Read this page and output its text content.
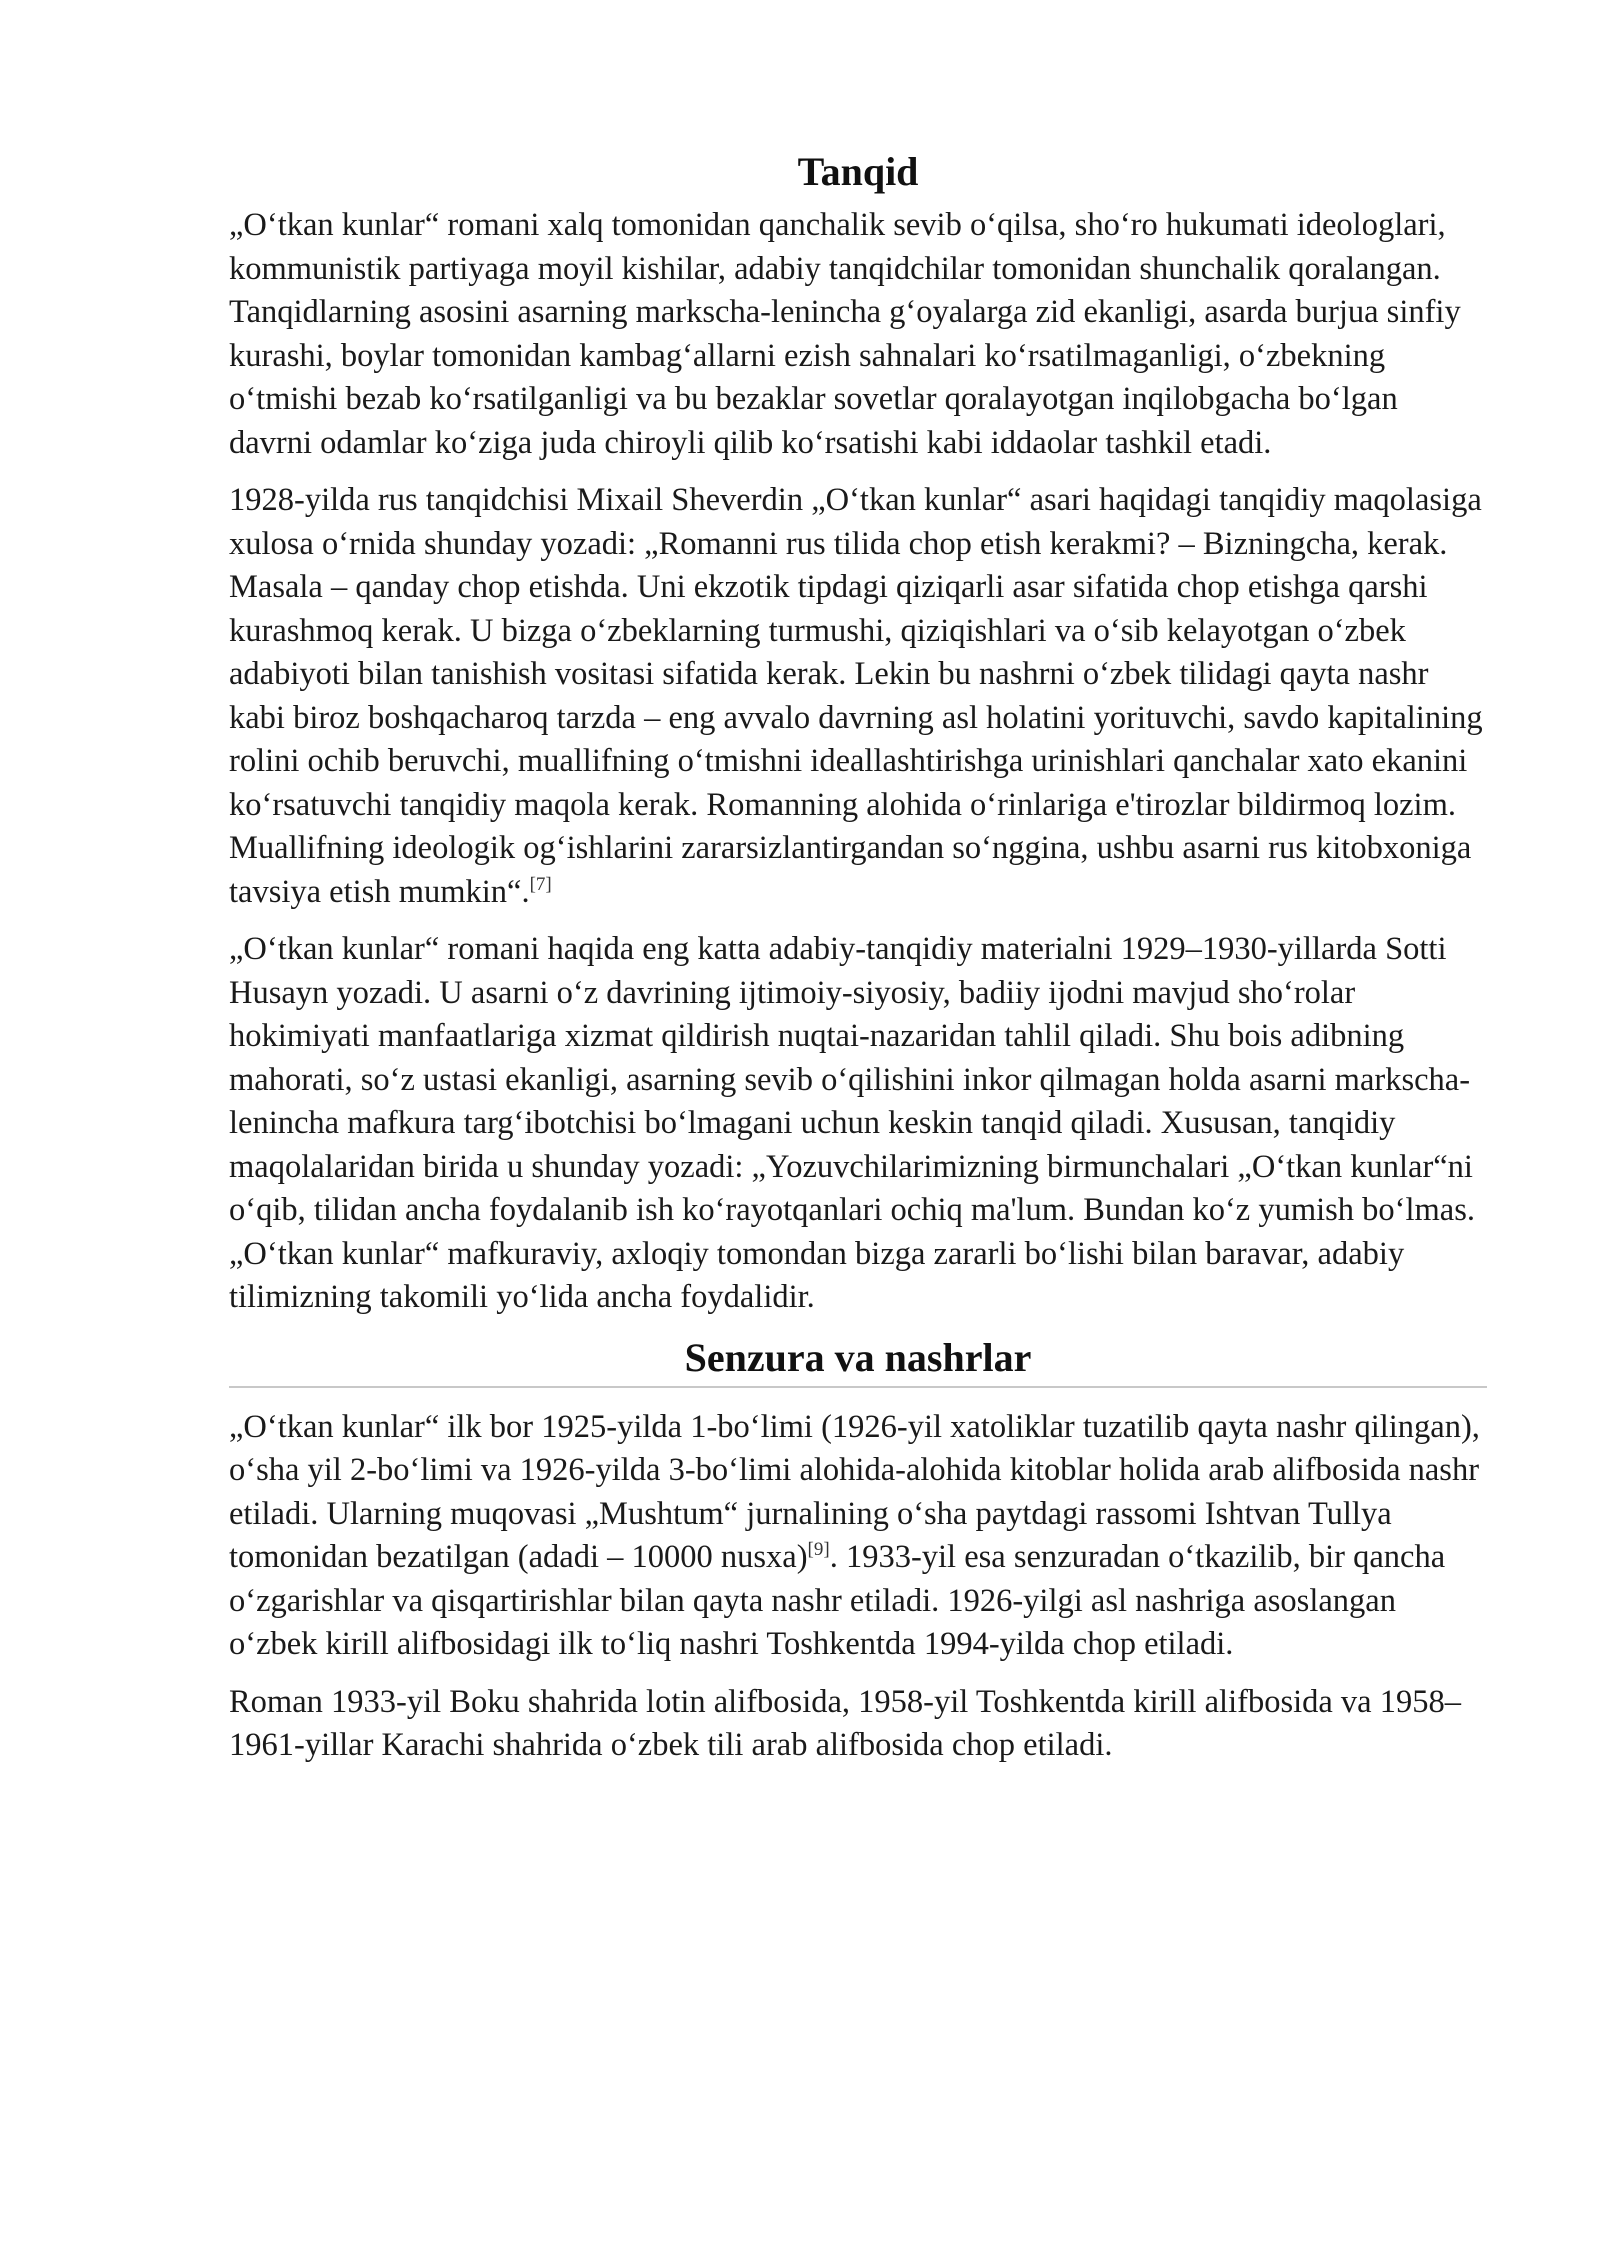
Tanqid

„O‘tkan kunlar“ romani xalq tomonidan qanchalik sevib o‘qilsa, sho‘ro hukumati ideologlari, kommunistik partiyaga moyil kishilar, adabiy tanqidchilar tomonidan shunchalik qoralangan. Tanqidlarning asosini asarning markscha-lenincha g‘oyalarga zid ekanligi, asarda burjua sinfiy kurashi, boylar tomonidan kambag‘allarni ezish sahnalari ko‘rsatilmaganligi, o‘zbekning o‘tmishi bezab ko‘rsatilganligi va bu bezaklar sovetlar qoralayotgan inqilobgacha bo‘lgan davrni odamlar ko‘ziga juda chiroyli qilib ko‘rsatishi kabi iddaolar tashkil etadi.

1928-yilda rus tanqidchisi Mixail Sheverdin „O‘tkan kunlar“ asari haqidagi tanqidiy maqolasiga xulosa o‘rnida shunday yozadi: „Romanni rus tilida chop etish kerakmi? – Bizningcha, kerak. Masala – qanday chop etishda. Uni ekzotik tipdagi qiziqarli asar sifatida chop etishga qarshi kurashmoq kerak. U bizga o‘zbeklarning turmushi, qiziqishlari va o‘sib kelayotgan o‘zbek adabiyoti bilan tanishish vositasi sifatida kerak. Lekin bu nashrni o‘zbek tilidagi qayta nashr kabi biroz boshqacharoq tarzda – eng avvalo davrning asl holatini yorituvchi, savdo kapitalining rolini ochib beruvchi, muallifning o‘tmishni ideallashtirishga urinishlari qanchalar xato ekanini ko‘rsatuvchi tanqidiy maqola kerak. Romanning alohida o‘rinlariga e'tirozlar bildirmoq lozim. Muallifning ideologik og‘ishlarini zararsizlantirgandan so‘nggina, ushbu asarni rus kitobxoniga tavsiya etish mumkin“.[7]

„O‘tkan kunlar“ romani haqida eng katta adabiy-tanqidiy materialni 1929–1930-yillarda Sotti Husayn yozadi. U asarni o‘z davrining ijtimoiy-siyosiy, badiiy ijodni mavjud sho‘rolar hokimiyati manfaatlariga xizmat qildirish nuqtai-nazaridan tahlil qiladi. Shu bois adibning mahorati, so‘z ustasi ekanligi, asarning sevib o‘qilishini inkor qilmagan holda asarni markscha-lenincha mafkura targ‘ibotchisi bo‘lmagani uchun keskin tanqid qiladi. Xususan, tanqidiy maqolalaridan birida u shunday yozadi: „Yozuvchilarimizning birmunchalari „O‘tkan kunlar“ni o‘qib, tilidan ancha foydalanib ish ko‘rayotqanlari ochiq ma'lum. Bundan ko‘z yumish bo‘lmas. „O‘tkan kunlar“ mafkuraviy, axloqiy tomondan bizga zararli bo‘lishi bilan baravar, adabiy tilimizning takomili yo‘lida ancha foydalidir.

Senzura va nashrlar

„O‘tkan kunlar“ ilk bor 1925-yilda 1-bo‘limi (1926-yil xatoliklar tuzatilib qayta nashr qilingan), o‘sha yil 2-bo‘limi va 1926-yilda 3-bo‘limi alohida-alohida kitoblar holida arab alifbosida nashr etiladi. Ularning muqovasi „Mushtum“ jurnalining o‘sha paytdagi rassomi Ishtvan Tullya tomonidan bezatilgan (adadi – 10000 nusxa)[9]. 1933-yil esa senzuradan o‘tkazilib, bir qancha o‘zgarishlar va qisqartirishlar bilan qayta nashr etiladi. 1926-yilgi asl nashriga asoslangan o‘zbek kirill alifbosidagi ilk to‘liq nashri Toshkentda 1994-yilda chop etiladi.

Roman 1933-yil Boku shahrida lotin alifbosida, 1958-yil Toshkentda kirill alifbosida va 1958–1961-yillar Karachi shahrida o‘zbek tili arab alifbosida chop etiladi.
